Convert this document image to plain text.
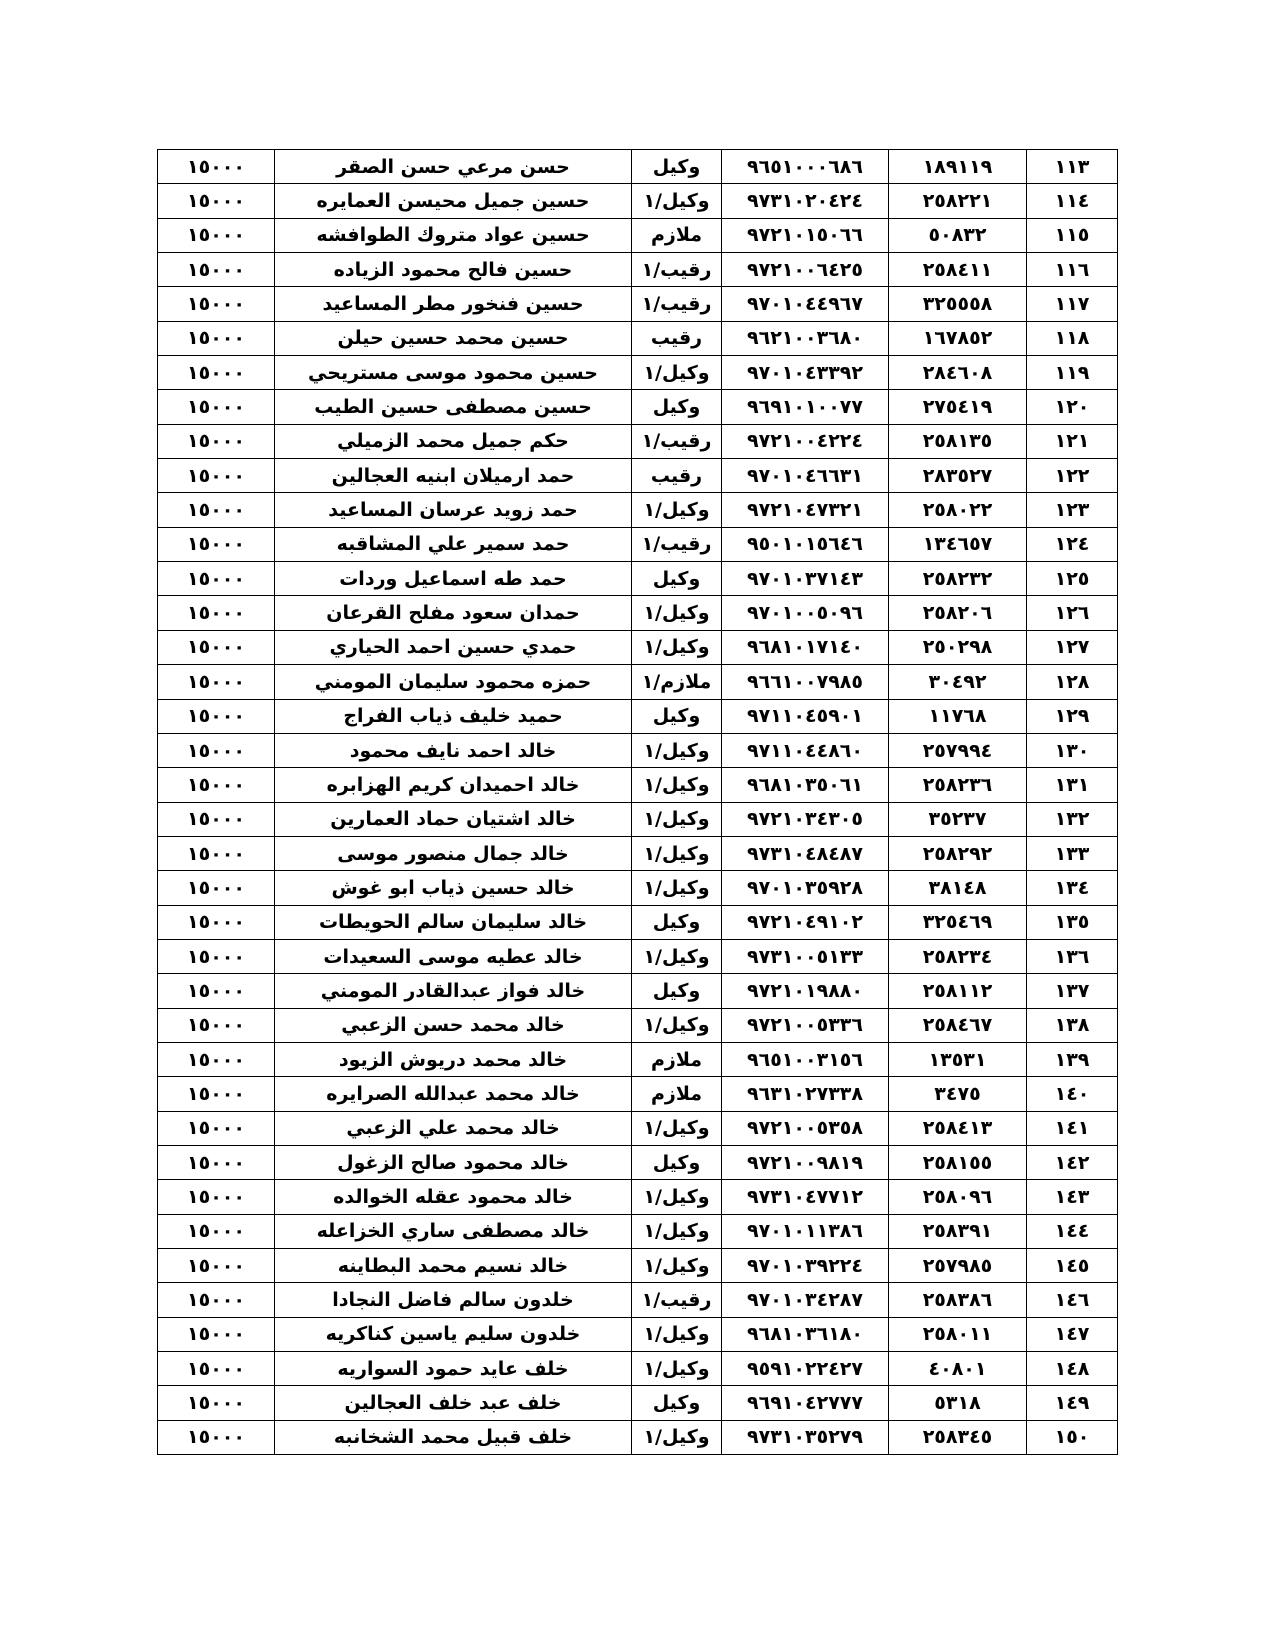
١١٣	١٨٩١١٩	٩٦٥١٠٠٠٦٨٦	وكيل	حسن مرعي حسن الصقر	١٥٠٠٠
١١٤	٢٥٨٢٢١	٩٧٣١٠٢٠٤٢٤	وكيل/١	حسين جميل محيسن العمايره	١٥٠٠٠
١١٥	٥٠٨٣٢	٩٧٢١٠١٥٠٦٦	ملازم	حسين عواد متروك الطوافشه	١٥٠٠٠
١١٦	٢٥٨٤١١	٩٧٢١٠٠٦٤٢٥	رقيب/١	حسين فالح محمود الزياده	١٥٠٠٠
١١٧	٣٢٥٥٥٨	٩٧٠١٠٤٤٩٦٧	رقيب/١	حسين فنخور مطر المساعيد	١٥٠٠٠
١١٨	١٦٧٨٥٢	٩٦٢١٠٠٣٦٨٠	رقيب	حسين محمد حسين حيلن	١٥٠٠٠
١١٩	٢٨٤٦٠٨	٩٧٠١٠٤٣٣٩٢	وكيل/١	حسين محمود موسى مستريحي	١٥٠٠٠
١٢٠	٢٧٥٤١٩	٩٦٩١٠١٠٠٧٧	وكيل	حسين مصطفى حسين الطيب	١٥٠٠٠
١٢١	٢٥٨١٣٥	٩٧٢١٠٠٤٢٢٤	رقيب/١	حكم جميل محمد الزميلي	١٥٠٠٠
١٢٢	٢٨٣٥٢٧	٩٧٠١٠٤٦٦٣١	رقيب	حمد ارميلان ابنيه العجالين	١٥٠٠٠
١٢٣	٢٥٨٠٢٢	٩٧٢١٠٤٧٣٢١	وكيل/١	حمد زويد عرسان المساعيد	١٥٠٠٠
١٢٤	١٣٤٦٥٧	٩٥٠١٠١٥٦٤٦	رقيب/١	حمد سمير علي المشاقبه	١٥٠٠٠
١٢٥	٢٥٨٢٣٢	٩٧٠١٠٣٧١٤٣	وكيل	حمد طه اسماعيل وردات	١٥٠٠٠
١٢٦	٢٥٨٢٠٦	٩٧٠١٠٠٥٠٩٦	وكيل/١	حمدان سعود مفلح القرعان	١٥٠٠٠
١٢٧	٢٥٠٢٩٨	٩٦٨١٠١٧١٤٠	وكيل/١	حمدي حسين احمد الحياري	١٥٠٠٠
١٢٨	٣٠٤٩٢	٩٦٦١٠٠٧٩٨٥	ملازم/١	حمزه محمود سليمان المومني	١٥٠٠٠
١٢٩	١١٧٦٨	٩٧١١٠٤٥٩٠١	وكيل	حميد خليف ذياب الفراج	١٥٠٠٠
١٣٠	٢٥٧٩٩٤	٩٧١١٠٤٤٨٦٠	وكيل/١	خالد احمد نايف محمود	١٥٠٠٠
١٣١	٢٥٨٢٣٦	٩٦٨١٠٣٥٠٦١	وكيل/١	خالد احميدان كريم الهزابره	١٥٠٠٠
١٣٢	٣٥٢٣٧	٩٧٢١٠٣٤٣٠٥	وكيل/١	خالد اشتيان حماد العمارين	١٥٠٠٠
١٣٣	٢٥٨٢٩٢	٩٧٣١٠٤٨٤٨٧	وكيل/١	خالد جمال منصور موسى	١٥٠٠٠
١٣٤	٣٨١٤٨	٩٧٠١٠٣٥٩٢٨	وكيل/١	خالد حسين ذياب ابو غوش	١٥٠٠٠
١٣٥	٣٢٥٤٦٩	٩٧٢١٠٤٩١٠٢	وكيل	خالد سليمان سالم الحويطات	١٥٠٠٠
١٣٦	٢٥٨٢٣٤	٩٧٣١٠٠٥١٣٣	وكيل/١	خالد عطيه موسى السعيدات	١٥٠٠٠
١٣٧	٢٥٨١١٢	٩٧٢١٠١٩٨٨٠	وكيل	خالد فواز عبدالقادر المومني	١٥٠٠٠
١٣٨	٢٥٨٤٦٧	٩٧٢١٠٠٥٣٣٦	وكيل/١	خالد محمد حسن الزعبي	١٥٠٠٠
١٣٩	١٣٥٣١	٩٦٥١٠٠٣١٥٦	ملازم	خالد محمد دريوش الزيود	١٥٠٠٠
١٤٠	٣٤٧٥	٩٦٣١٠٢٧٣٣٨	ملازم	خالد محمد عبدالله الصرايره	١٥٠٠٠
١٤١	٢٥٨٤١٣	٩٧٢١٠٠٥٣٥٨	وكيل/١	خالد محمد علي الزعبي	١٥٠٠٠
١٤٢	٢٥٨١٥٥	٩٧٢١٠٠٩٨١٩	وكيل	خالد محمود صالح الزغول	١٥٠٠٠
١٤٣	٢٥٨٠٩٦	٩٧٣١٠٤٧٧١٢	وكيل/١	خالد محمود عقله الخوالده	١٥٠٠٠
١٤٤	٢٥٨٣٩١	٩٧٠١٠١١٣٨٦	وكيل/١	خالد مصطفى ساري الخزاعله	١٥٠٠٠
١٤٥	٢٥٧٩٨٥	٩٧٠١٠٣٩٢٢٤	وكيل/١	خالد نسيم محمد البطاينه	١٥٠٠٠
١٤٦	٢٥٨٣٨٦	٩٧٠١٠٣٤٢٨٧	رقيب/١	خلدون سالم فاضل النجادا	١٥٠٠٠
١٤٧	٢٥٨٠١١	٩٦٨١٠٣٦١٨٠	وكيل/١	خلدون سليم ياسين كناكريه	١٥٠٠٠
١٤٨	٤٠٨٠١	٩٥٩١٠٢٢٤٢٧	وكيل/١	خلف عايد حمود السواريه	١٥٠٠٠
١٤٩	٥٣١٨	٩٦٩١٠٤٢٧٧٧	وكيل	خلف عبد خلف العجالين	١٥٠٠٠
١٥٠	٢٥٨٣٤٥	٩٧٣١٠٣٥٢٧٩	وكيل/١	خلف قبيل محمد الشخانبه	١٥٠٠٠
